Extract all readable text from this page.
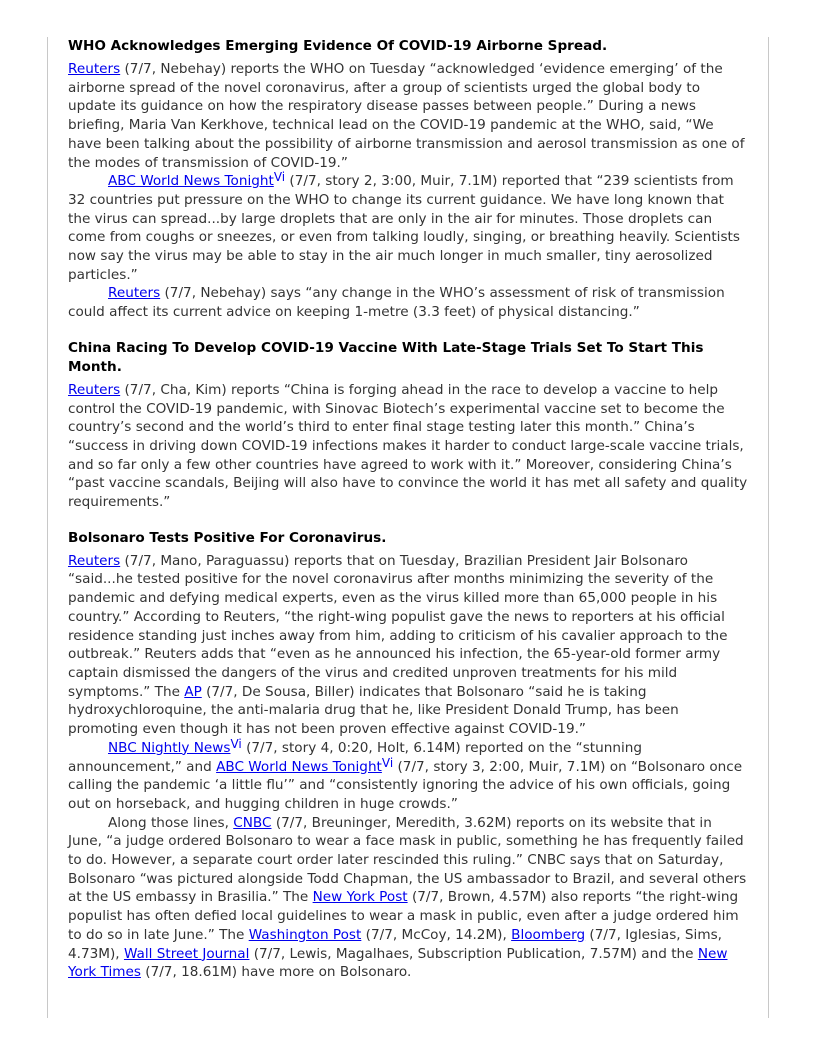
WHO Acknowledges Emerging Evidence Of COVID-19 Airborne Spread.

Reuters (7/7, Nebehay) reports the WHO on Tuesday “acknowledged ‘evidence emerging’ of the airborne spread of the novel coronavirus, after a group of scientists urged the global body to update its guidance on how the respiratory disease passes between people.” During a news briefing, Maria Van Kerkhove, technical lead on the COVID-19 pandemic at the WHO, said, “We have been talking about the possibility of airborne transmission and aerosol transmission as one of the modes of transmission of COVID-19.”

ABC World News Tonight$^{Vi}$ (7/7, story 2, 3:00, Muir, 7.1M) reported that “239 scientists from 32 countries put pressure on the WHO to change its current guidance. We have long known that the virus can spread...by large droplets that are only in the air for minutes. Those droplets can come from coughs or sneezes, or even from talking loudly, singing, or breathing heavily. Scientists now say the virus may be able to stay in the air much longer in much smaller, tiny aerosolized particles.”

Reuters (7/7, Nebehay) says “any change in the WHO’s assessment of risk of transmission could affect its current advice on keeping 1-metre (3.3 feet) of physical distancing.”

China Racing To Develop COVID-19 Vaccine With Late-Stage Trials Set To Start This Month.

Reuters (7/7, Cha, Kim) reports “China is forging ahead in the race to develop a vaccine to help control the COVID-19 pandemic, with Sinovac Biotech’s experimental vaccine set to become the country’s second and the world’s third to enter final stage testing later this month.” China’s “success in driving down COVID-19 infections makes it harder to conduct large-scale vaccine trials, and so far only a few other countries have agreed to work with it.” Moreover, considering China’s “past vaccine scandals, Beijing will also have to convince the world it has met all safety and quality requirements.”

Bolsonaro Tests Positive For Coronavirus.

Reuters (7/7, Mano, Paraguassu) reports that on Tuesday, Brazilian President Jair Bolsonaro “said...he tested positive for the novel coronavirus after months minimizing the severity of the pandemic and defying medical experts, even as the virus killed more than 65,000 people in his country.” According to Reuters, “the right-wing populist gave the news to reporters at his official residence standing just inches away from him, adding to criticism of his cavalier approach to the outbreak.” Reuters adds that “even as he announced his infection, the 65-year-old former army captain dismissed the dangers of the virus and credited unproven treatments for his mild symptoms.” The AP (7/7, De Sousa, Biller) indicates that Bolsonaro “said he is taking hydroxychloroquine, the anti-malaria drug that he, like President Donald Trump, has been promoting even though it has not been proven effective against COVID-19.”

NBC Nightly News$^{Vi}$ (7/7, story 4, 0:20, Holt, 6.14M) reported on the “stunning announcement,” and ABC World News Tonight$^{Vi}$ (7/7, story 3, 2:00, Muir, 7.1M) on “Bolsonaro once calling the pandemic ‘a little flu’” and “consistently ignoring the advice of his own officials, going out on horseback, and hugging children in huge crowds.”

Along those lines, CNBC (7/7, Breuninger, Meredith, 3.62M) reports on its website that in June, “a judge ordered Bolsonaro to wear a face mask in public, something he has frequently failed to do. However, a separate court order later rescinded this ruling.” CNBC says that on Saturday, Bolsonaro “was pictured alongside Todd Chapman, the US ambassador to Brazil, and several others at the US embassy in Brasilia.” The New York Post (7/7, Brown, 4.57M) also reports “the right-wing populist has often defied local guidelines to wear a mask in public, even after a judge ordered him to do so in late June.” The Washington Post (7/7, McCoy, 14.2M), Bloomberg (7/7, Iglesias, Sims, 4.73M), Wall Street Journal (7/7, Lewis, Magalhaes, Subscription Publication, 7.57M) and the New York Times (7/7, 18.61M) have more on Bolsonaro.
